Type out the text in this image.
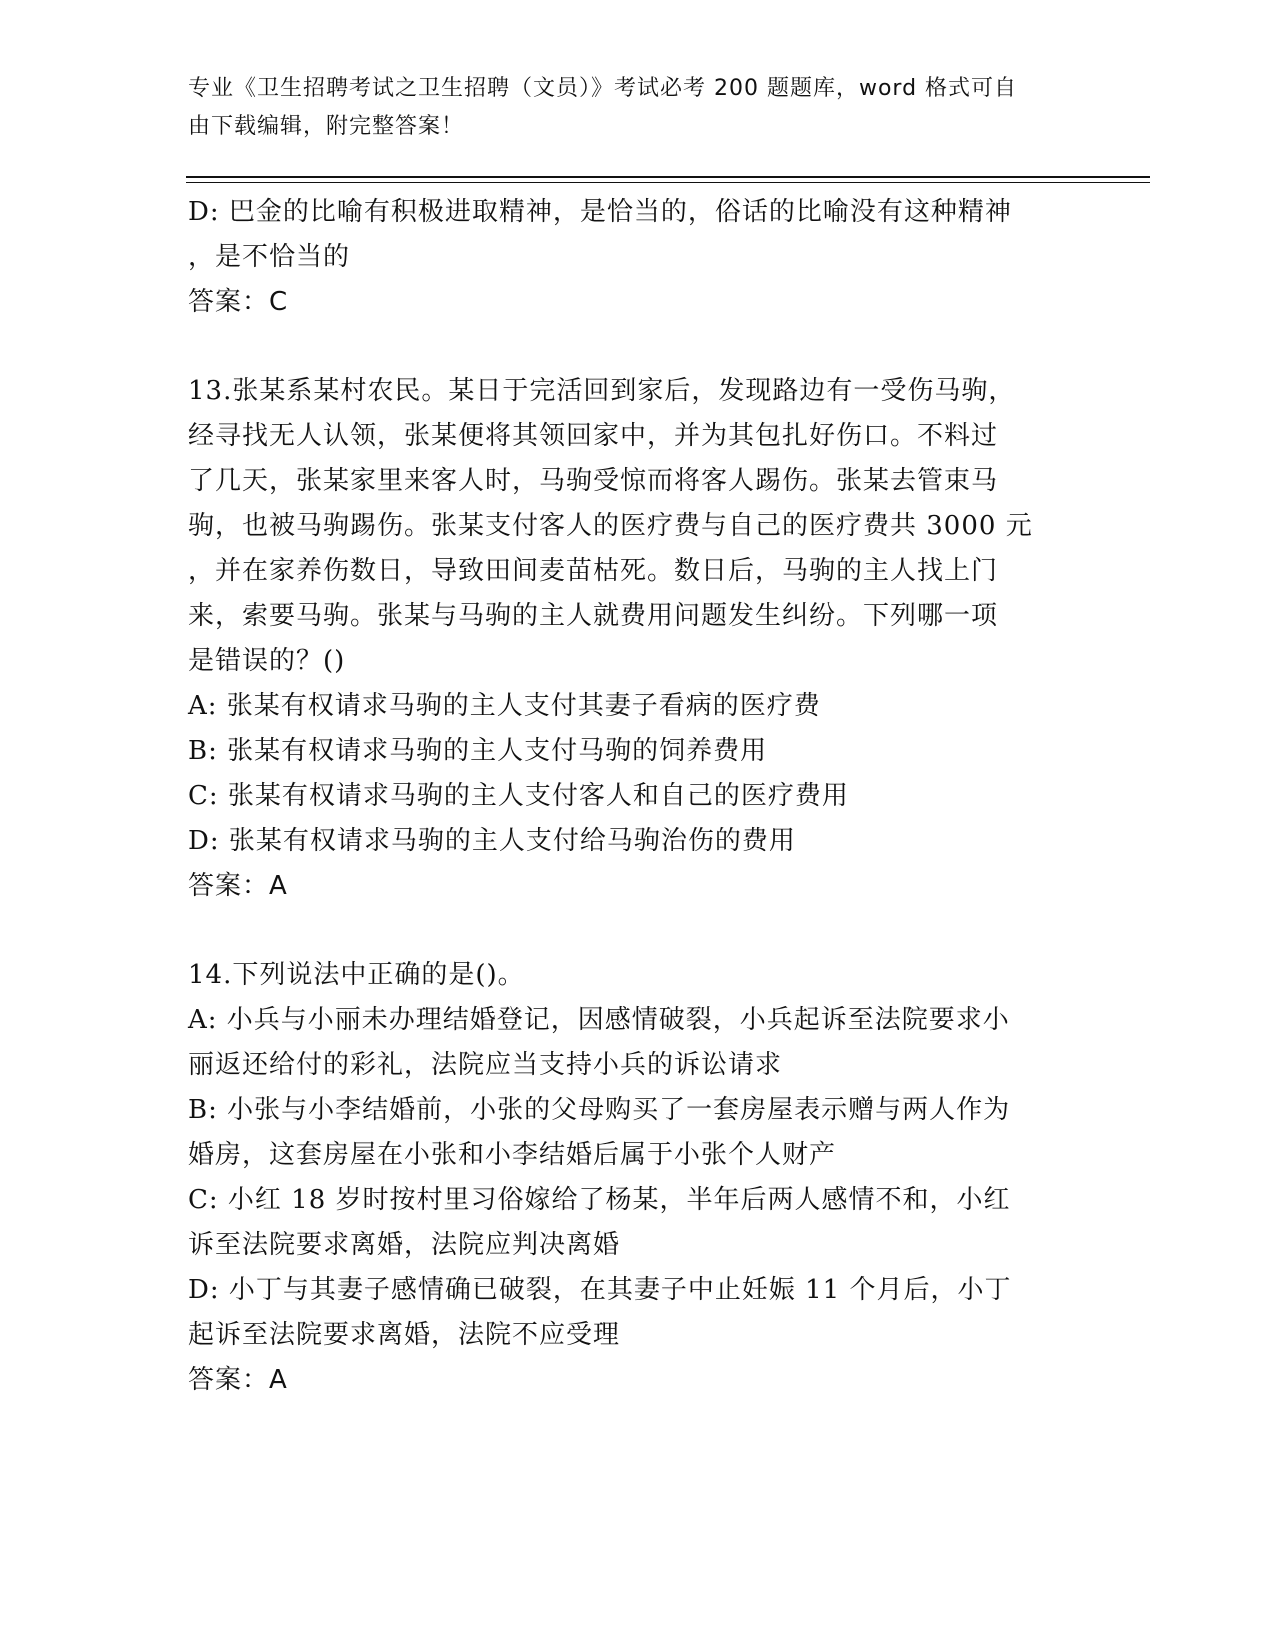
专业《卫生招聘考试之卫生招聘（文员）》考试必考 200 题题库，word 格式可自
由下载编辑，附完整答案！
D: 巴金的比喻有积极进取精神，是恰当的，俗话的比喻没有这种精神
，是不恰当的
答案：C
13.张某系某村农民。某日于完活回到家后，发现路边有一受伤马驹，
经寻找无人认领，张某便将其领回家中，并为其包扎好伤口。不料过
了几天，张某家里来客人时，马驹受惊而将客人踢伤。张某去管束马
驹，也被马驹踢伤。张某支付客人的医疗费与自己的医疗费共 3000 元
，并在家养伤数日，导致田间麦苗枯死。数日后，马驹的主人找上门
来，索要马驹。张某与马驹的主人就费用问题发生纠纷。下列哪一项
是错误的？()
A: 张某有权请求马驹的主人支付其妻子看病的医疗费
B: 张某有权请求马驹的主人支付马驹的饲养费用
C: 张某有权请求马驹的主人支付客人和自己的医疗费用
D: 张某有权请求马驹的主人支付给马驹治伤的费用
答案：A
14.下列说法中正确的是()。
A: 小兵与小丽未办理结婚登记，因感情破裂，小兵起诉至法院要求小
丽返还给付的彩礼，法院应当支持小兵的诉讼请求
B: 小张与小李结婚前，小张的父母购买了一套房屋表示赠与两人作为
婚房，这套房屋在小张和小李结婚后属于小张个人财产
C: 小红 18 岁时按村里习俗嫁给了杨某，半年后两人感情不和，小红
诉至法院要求离婚，法院应判决离婚
D: 小丁与其妻子感情确已破裂，在其妻子中止妊娠 11 个月后，小丁
起诉至法院要求离婚，法院不应受理
答案：A
